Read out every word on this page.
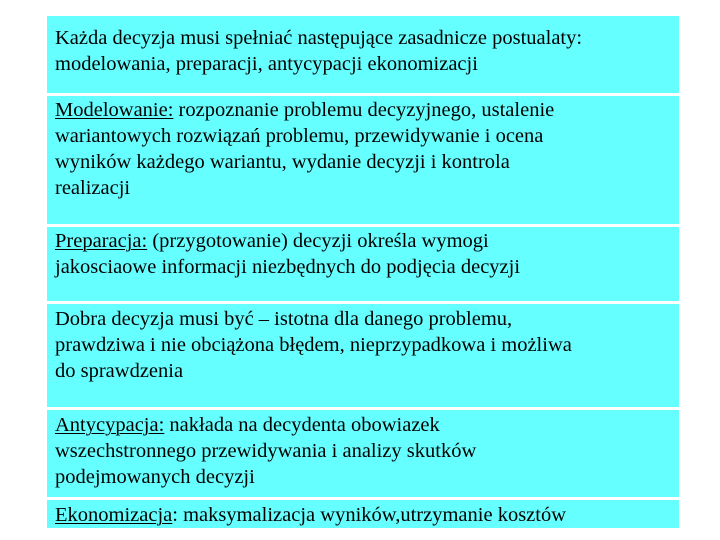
Każda decyzja musi spełniać następujące zasadnicze postualaty:
modelowania, preparacji, antycypacji ekonomizacji

Modelowanie: rozpoznanie problemu decyzyjnego, ustalenie
wariantowych rozwiązań problemu, przewidywanie i ocena
wyników każdego wariantu, wydanie decyzji i kontrola
realizacji

Preparacja: (przygotowanie) decyzji określa wymogi
jakosciaowe informacji niezbędnych do podjęcia decyzji

Dobra decyzja musi być – istotna dla danego problemu,
prawdziwa i nie obciążona błędem, nieprzypadkowa i możliwa
do sprawdzenia

Antycypacja: nakłada na decydenta obowiazek
wszechstronnego przewidywania i analizy skutków
podejmowanych decyzji

Ekonomizacja: maksymalizacja wyników,utrzymanie kosztów
